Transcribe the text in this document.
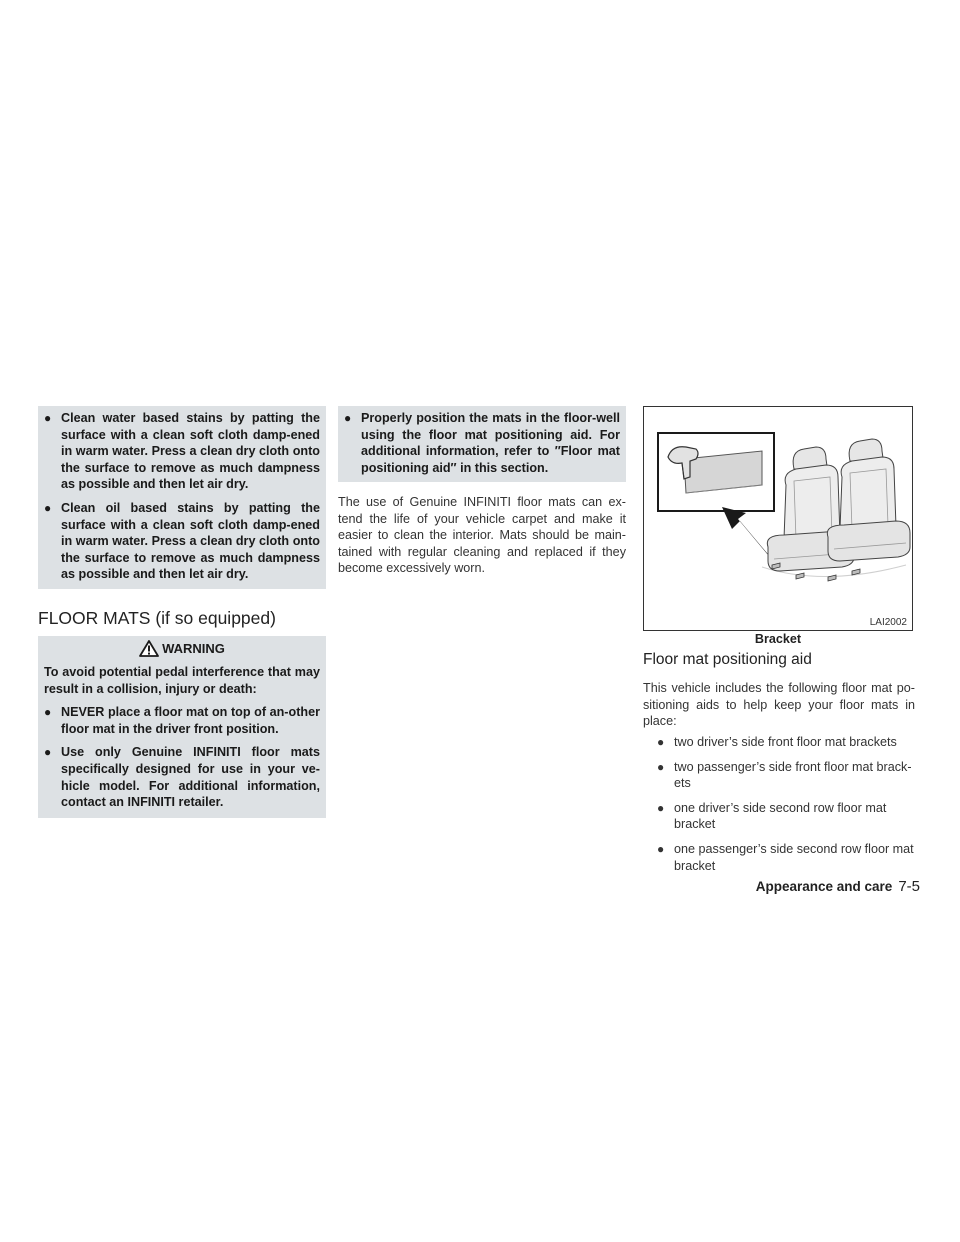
● Clean water based stains by patting the surface with a clean soft cloth damp-ened in warm water. Press a clean dry cloth onto the surface to remove as much dampness as possible and then let air dry.
● Clean oil based stains by patting the surface with a clean soft cloth damp-ened in warm water. Press a clean dry cloth onto the surface to remove as much dampness as possible and then let air dry.
FLOOR MATS (if so equipped)
WARNING

To avoid potential pedal interference that may result in a collision, injury or death:

● NEVER place a floor mat on top of an-other floor mat in the driver front position.
● Use only Genuine INFINITI floor mats specifically designed for use in your ve-hicle model. For additional information, contact an INFINITI retailer.
● Properly position the mats in the floor-well using the floor mat positioning aid. For additional information, refer to ″Floor mat positioning aid″ in this section.

The use of Genuine INFINITI floor mats can ex-tend the life of your vehicle carpet and make it easier to clean the interior. Mats should be main-tained with regular cleaning and replaced if they become excessively worn.

LAI2002
Bracket
Floor mat positioning aid

This vehicle includes the following floor mat po-sitioning aids to help keep your floor mats in place:

● two driver’s side front floor mat brackets
● two passenger’s side front floor mat brack-ets
● one driver’s side second row floor mat bracket
● one passenger’s side second row floor mat bracket
Appearance and care 7-5
